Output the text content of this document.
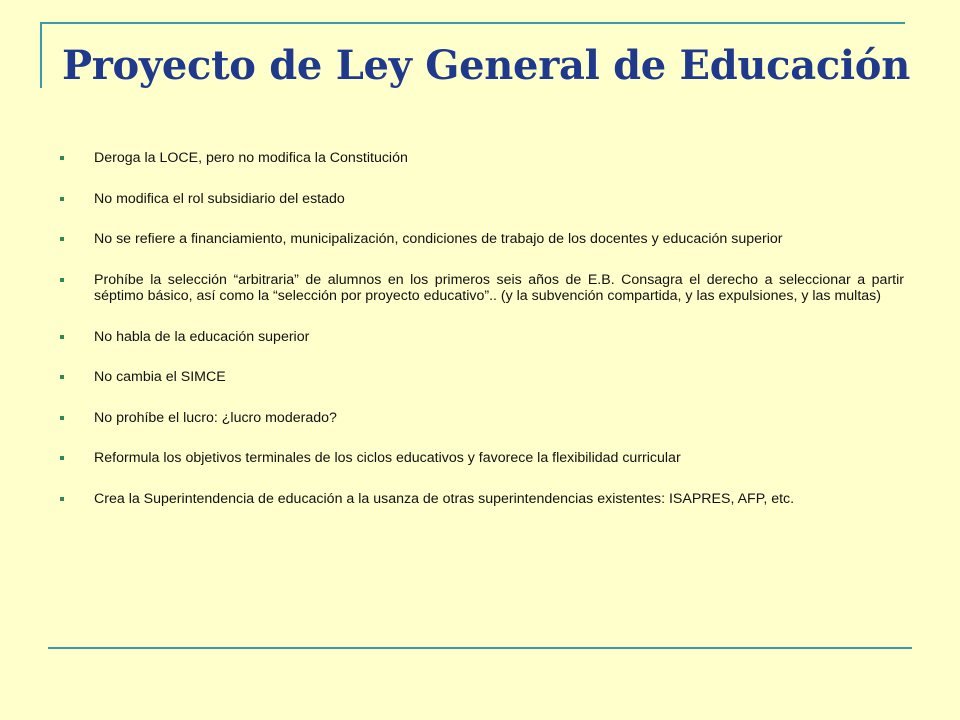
Proyecto de Ley General de Educación
Deroga la LOCE, pero no modifica la Constitución
No modifica el rol subsidiario del estado
No se refiere a financiamiento, municipalización, condiciones de trabajo de los docentes y educación superior
Prohíbe la selección “arbitraria” de alumnos en los primeros seis años de E.B. Consagra el derecho a seleccionar a partir séptimo básico, así como la “selección por proyecto educativo”.. (y la subvención compartida, y las expulsiones, y las multas)
No habla de la educación superior
No cambia el SIMCE
No prohíbe el lucro: ¿lucro moderado?
Reformula los objetivos terminales de los ciclos educativos y favorece la flexibilidad curricular
Crea la Superintendencia de educación a la usanza de otras superintendencias existentes: ISAPRES, AFP, etc.
